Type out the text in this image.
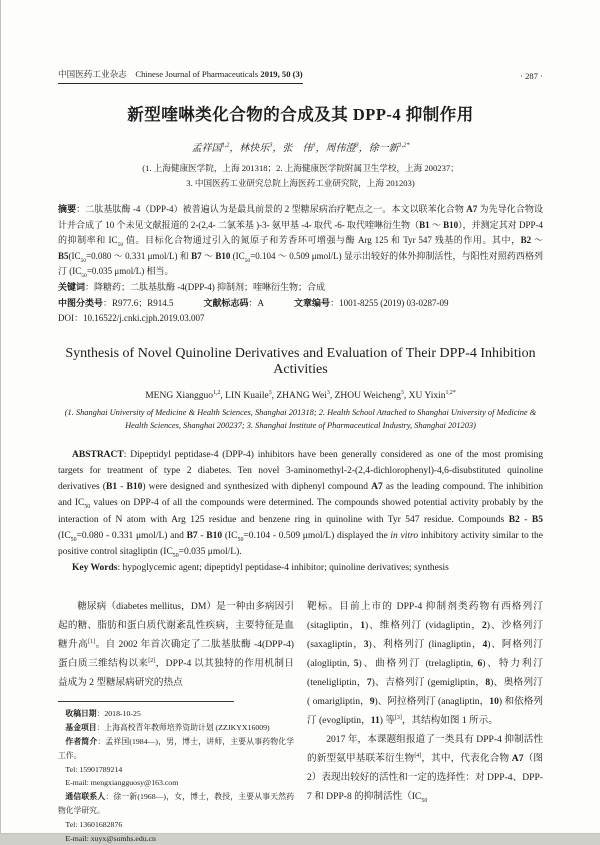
中国医药工业杂志　Chinese Journal of Pharmaceuticals 2019, 50 (3)	· 287 ·
新型喹啉类化合物的合成及其 DPP-4 抑制作用
孟祥国$^{1,2}$，林快乐$^3$，张　伟$^3$，周伟澄$^3$，徐一新$^{1,2*}$
(1. 上海健康医学院，上海 201318；2. 上海健康医学院附属卫生学校，上海 200237；
3. 中国医药工业研究总院上海医药工业研究院，上海 201203)

摘要：二肽基肽酶 -4（DPP-4）被普遍认为是最具前景的 2 型糖尿病治疗靶点之一。本文以联苯化合物 A7 为先导化合物设计并合成了 10 个未见文献报道的 2-(2,4- 二氯苯基 )-3- 氨甲基 -4- 取代 -6- 取代喹啉衍生物（B1 ～ B10），并测定其对 DPP-4 的抑制率和 $IC_{50}$ 值。目标化合物通过引入的氮原子和芳香环可增强与酶 Arg 125 和 Tyr 547 残基的作用。其中，B2 ～ $B5(IC_{50}=0.080$ ～ 0.331 μmol/L) 和 B7 ～ B10 ($IC_{50}=0.104$ ～ 0.509 μmol/L) 显示出较好的体外抑制活性，与阳性对照药西格列汀 ($IC_{50}=0.035$ μmol/L) 相当。

关键词：降糖药；二肽基肽酶 -4(DPP-4) 抑制剂；喹啉衍生物；合成

中图分类号：R977.6；R914.5	文献标志码：A	文章编号：1001-8255 (2019) 03-0287-09
DOI：10.16522/j.cnki.cjph.2019.03.007
Synthesis of Novel Quinoline Derivatives and Evaluation of Their DPP-4 Inhibition Activities
MENG Xiangguo$^{1,2}$, LIN Kuaile$^3$, ZHANG Wei$^3$, ZHOU Weicheng$^3$, XU Yixin$^{1,2*}$
(1. Shanghai University of Medicine & Health Sciences, Shanghai 201318; 2. Health School Attached to Shanghai University of Medicine &
Health Sciences, Shanghai 200237; 3. Shanghai Institute of Pharmaceutical Industry, Shanghai 201203)
ABSTRACT: Dipeptidyl peptidase-4 (DPP-4) inhibitors have been generally considered as one of the most promising targets for treatment of type 2 diabetes. Ten novel 3-aminomethyl-2-(2,4-dichlorophenyl)-4,6-disubstituted quinoline derivatives (B1 - B10) were designed and synthesized with diphenyl compound A7 as the leading compound. The inhibition and $IC_{50}$ values on DPP-4 of all the compounds were determined. The compounds showed potential activity probably by the interaction of N atom with Arg 125 residue and benzene ring in quinoline with Tyr 547 residue. Compounds B2 - B5 ($IC_{50}=0.080 - 0.331$ μmol/L) and B7 - B10 ($IC_{50}=0.104 - 0.509$ μmol/L) displayed the in vitro inhibitory activity similar to the positive control sitagliptin ($IC_{50}=0.035$ μmol/L).

Key Words: hypoglycemic agent; dipeptidyl peptidase-4 inhibitor; quinoline derivatives; synthesis

糖尿病（diabetes mellitus，DM）是一种由多病因引起的糖、脂肪和蛋白质代谢紊乱性疾病，主要特征是血糖升高[1]。自 2002 年首次确定了二肽基肽酶 -4(DPP-4) 蛋白质三维结构以来[2]，DPP-4 以其独特的作用机制日益成为 2 型糖尿病研究的热点

收稿日期：2018-10-25

基金项目：上海高校青年教师培养资助计划 (ZZJKYX16009)

作者简介：孟祥国(1984—)，男，博士，讲师，主要从事药物化学工作。

Tel: 15901789214

E-mail: mengxiangguosy@163.com

通信联系人：徐一新(1968—)，女，博士，教授，主要从事天然药物化学研究。

Tel: 13601682876

E-mail: xuyx@sumhs.edu.cn

靶标。目前上市的 DPP-4 抑制剂类药物有西格列汀 (sitagliptin，1)、维格列汀 (vidagliptin，2)、沙格列汀 (saxagliptin，3)、利格列汀 (linagliptin，4)、阿格列汀 (alogliptin, 5)、曲格列汀 (trelagliptin, 6)、特力利汀 (teneligliptin，7)、吉格列汀 (gemigliptin，8)、奥格列汀 ( omarigliptin，9)、阿拉格列汀 (anagliptin，10) 和依格列汀 (evogliptin，11) 等[3]，其结构如图 1 所示。

2017 年，本课题组报道了一类具有 DPP-4 抑制活性的新型氨甲基联苯衍生物[4]，其中，代表化合物 A7（图 2）表现出较好的活性和一定的选择性：对 DPP-4、DPP-7 和 DPP-8 的抑制活性（$IC_{50}$
